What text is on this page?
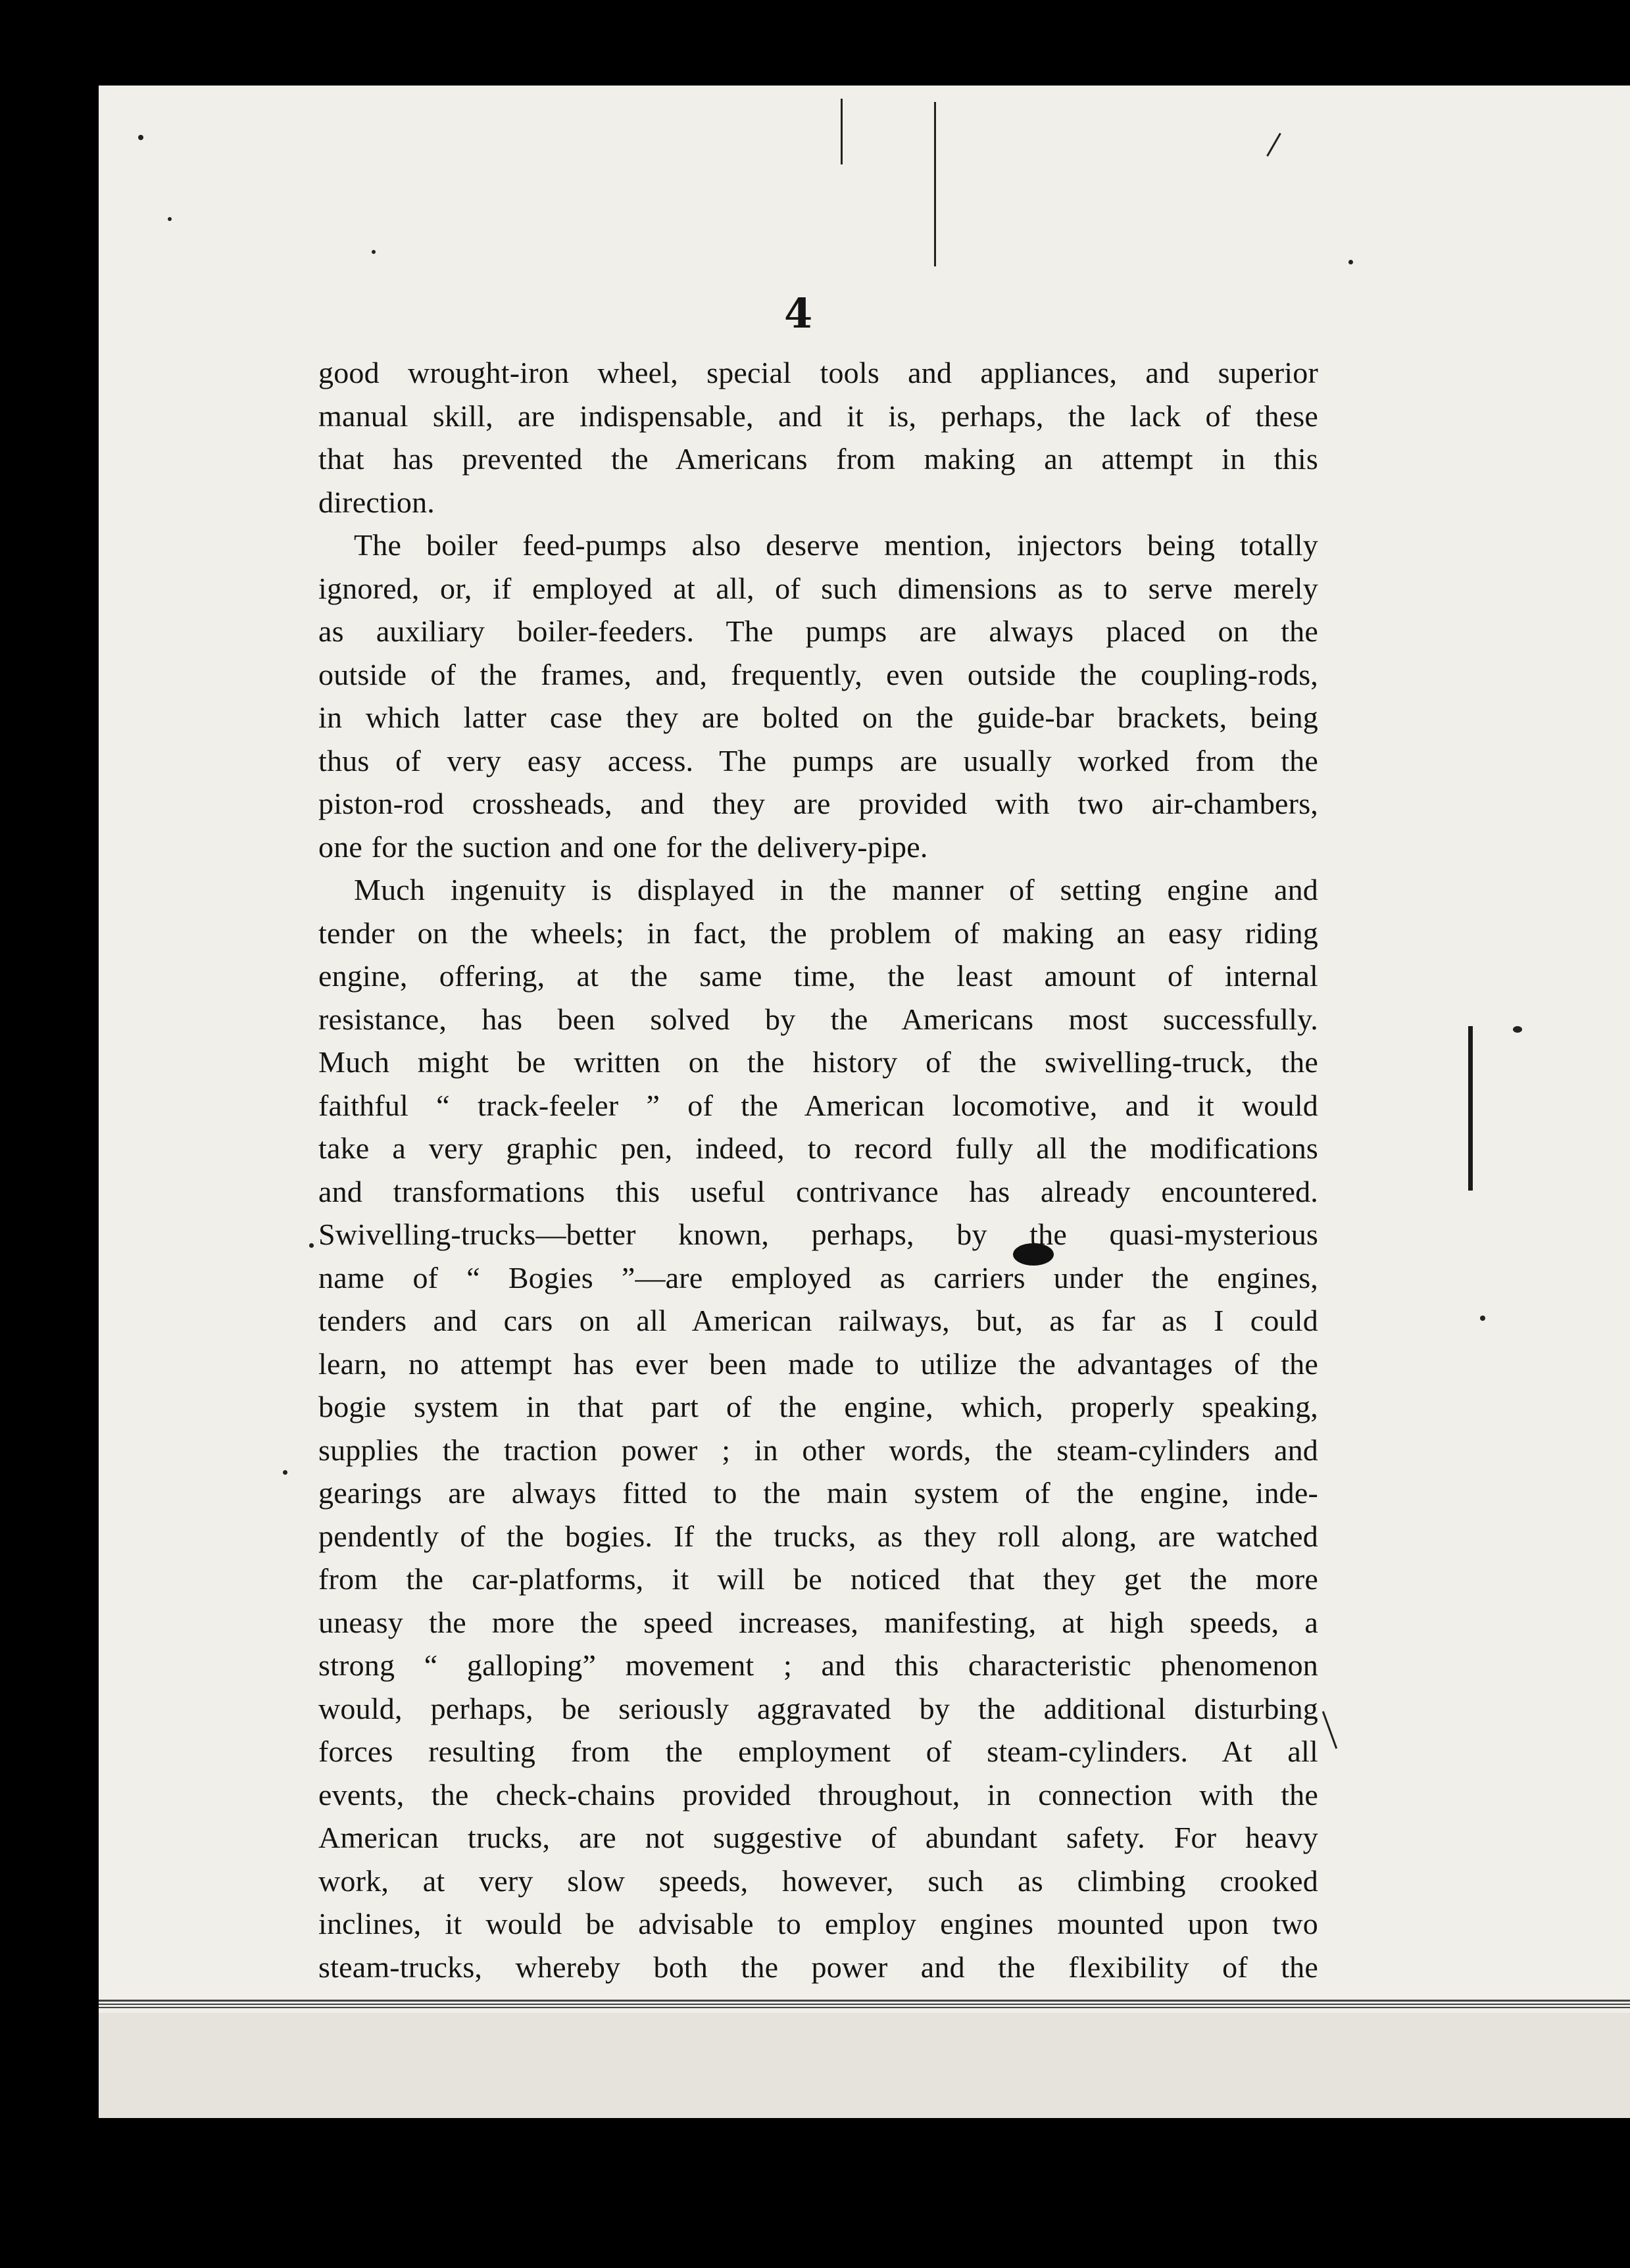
4
good wrought-iron wheel, special tools and appliances, and superior
manual skill, are indispensable, and it is, perhaps, the lack of these
that has prevented the Americans from making an attempt in this
direction.
The boiler feed-pumps also deserve mention, injectors being totally
ignored, or, if employed at all, of such dimensions as to serve merely
as auxiliary boiler-feeders. The pumps are always placed on the
outside of the frames, and, frequently, even outside the coupling-rods,
in which latter case they are bolted on the guide-bar brackets, being
thus of very easy access. The pumps are usually worked from the
piston-rod crossheads, and they are provided with two air-chambers,
one for the suction and one for the delivery-pipe.
Much ingenuity is displayed in the manner of setting engine and
tender on the wheels; in fact, the problem of making an easy riding
engine, offering, at the same time, the least amount of internal
resistance, has been solved by the Americans most successfully.
Much might be written on the history of the swivelling-truck, the
faithful “ track-feeler ” of the American locomotive, and it would
take a very graphic pen, indeed, to record fully all the modifications
and transformations this useful contrivance has already encountered.
Swivelling-trucks—better known, perhaps, by the quasi-mysterious
name of “ Bogies ”—are employed as carriers under the engines,
tenders and cars on all American railways, but, as far as I could
learn, no attempt has ever been made to utilize the advantages of the
bogie system in that part of the engine, which, properly speaking,
supplies the traction power ; in other words, the steam-cylinders and
gearings are always fitted to the main system of the engine, inde-
pendently of the bogies. If the trucks, as they roll along, are watched
from the car-platforms, it will be noticed that they get the more
uneasy the more the speed increases, manifesting, at high speeds, a
strong “ galloping” movement ; and this characteristic phenomenon
would, perhaps, be seriously aggravated by the additional disturbing
forces resulting from the employment of steam-cylinders. At all
events, the check-chains provided throughout, in connection with the
American trucks, are not suggestive of abundant safety. For heavy
work, at very slow speeds, however, such as climbing crooked
inclines, it would be advisable to employ engines mounted upon two
steam-trucks, whereby both the power and the flexibility of the
